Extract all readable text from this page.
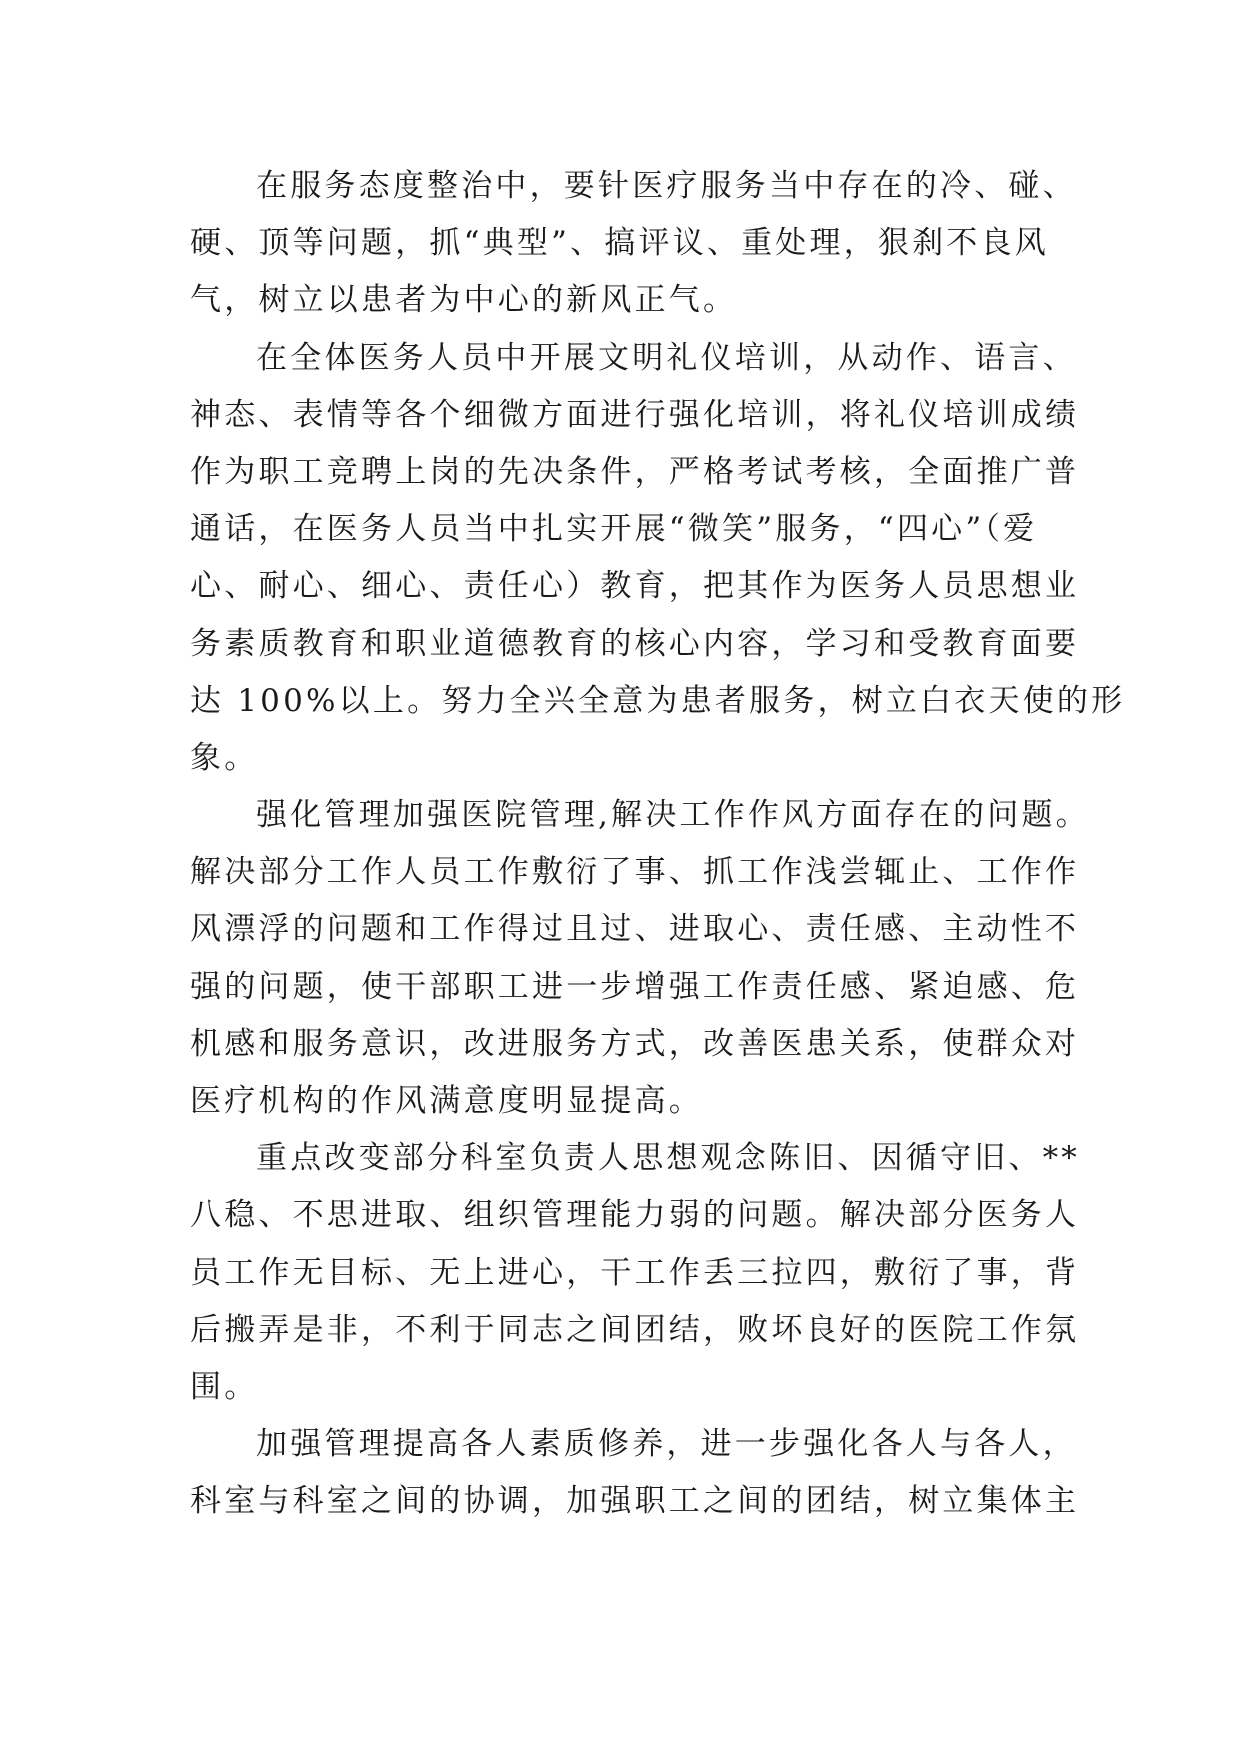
在服务态度整治中，要针医疗服务当中存在的冷、碰、
硬、顶等问题，抓“典型”、搞评议、重处理，狠刹不良风
气，树立以患者为中心的新风正气。
在全体医务人员中开展文明礼仪培训，从动作、语言、
神态、表情等各个细微方面进行强化培训，将礼仪培训成绩
作为职工竞聘上岗的先决条件，严格考试考核，全面推广普
通话，在医务人员当中扎实开展“微笑”服务，“四心”（爱
心、耐心、细心、责任心）教育，把其作为医务人员思想业
务素质教育和职业道德教育的核心内容，学习和受教育面要
达 100%以上。努力全兴全意为患者服务，树立白衣天使的形
象。
强化管理加强医院管理,解决工作作风方面存在的问题。
解决部分工作人员工作敷衍了事、抓工作浅尝辄止、工作作
风漂浮的问题和工作得过且过、进取心、责任感、主动性不
强的问题，使干部职工进一步增强工作责任感、紧迫感、危
机感和服务意识，改进服务方式，改善医患关系，使群众对
医疗机构的作风满意度明显提高。
重点改变部分科室负责人思想观念陈旧、因循守旧、**
八稳、不思进取、组织管理能力弱的问题。解决部分医务人
员工作无目标、无上进心，干工作丢三拉四，敷衍了事，背
后搬弄是非，不利于同志之间团结，败坏良好的医院工作氛
围。
加强管理提高各人素质修养，进一步强化各人与各人，
科室与科室之间的协调，加强职工之间的团结，树立集体主
